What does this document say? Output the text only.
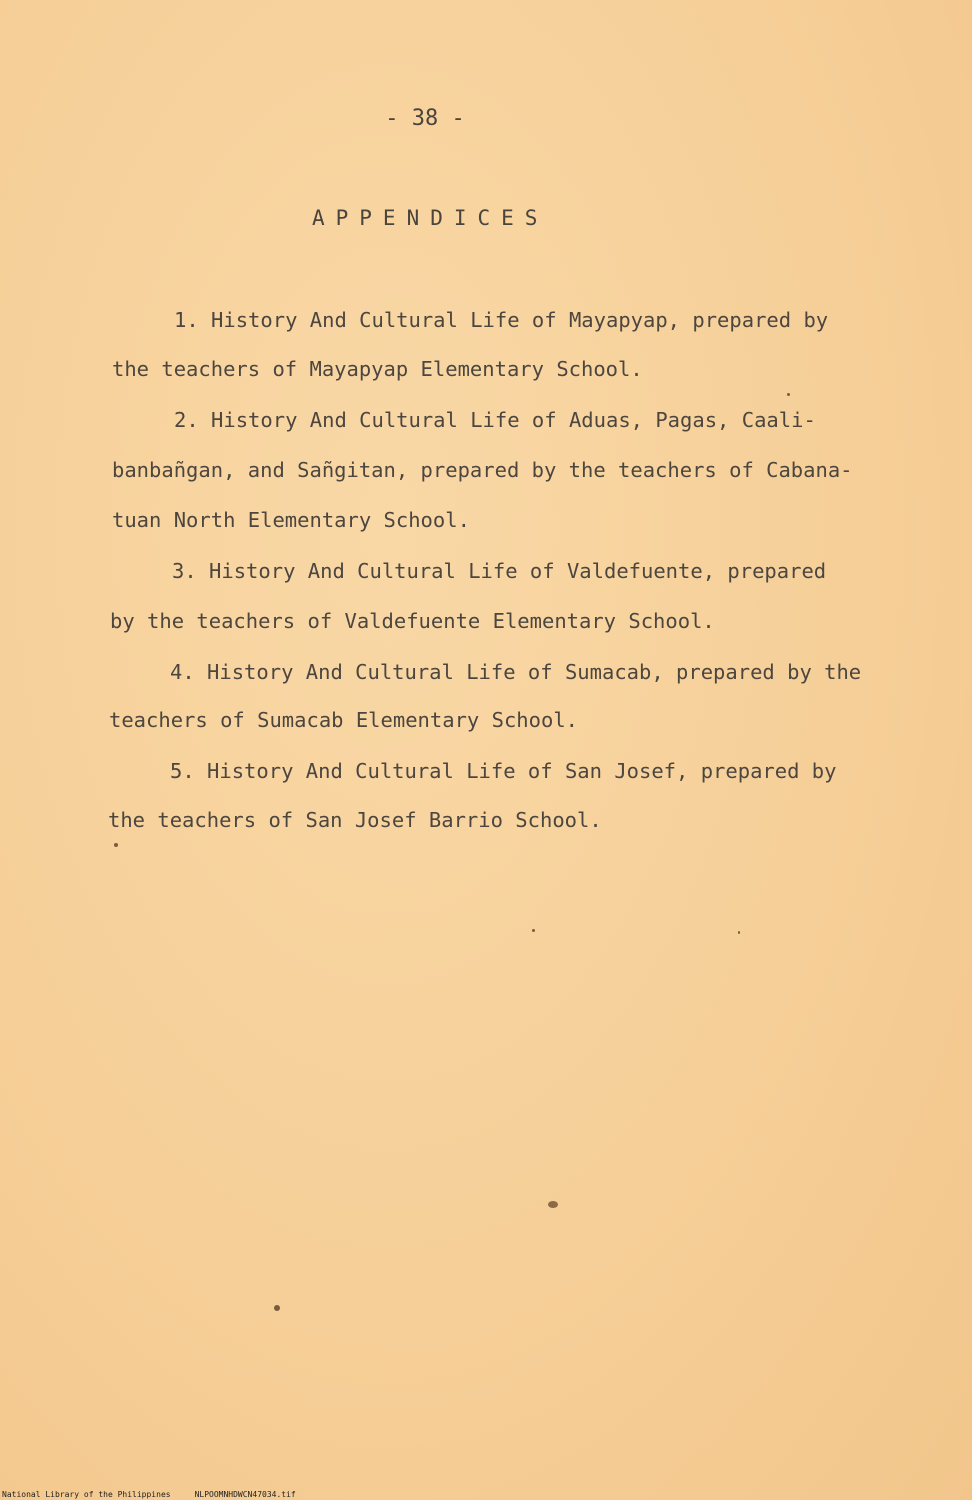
- 38 -
APPENDICES
1. History And Cultural Life of Mayapyap, prepared by
the teachers of Mayapyap Elementary School.
2. History And Cultural Life of Aduas, Pagas, Caali-
banbañgan, and Sañgitan, prepared by the teachers of Cabana-
tuan North Elementary School.
3. History And Cultural Life of Valdefuente, prepared
by the teachers of Valdefuente Elementary School.
4. History And Cultural Life of Sumacab, prepared by the
teachers of Sumacab Elementary School.
5. History And Cultural Life of San Josef, prepared by
the teachers of San Josef Barrio School.
National Library of the Philippines	NLPOOMNHDWCN47034.tif
